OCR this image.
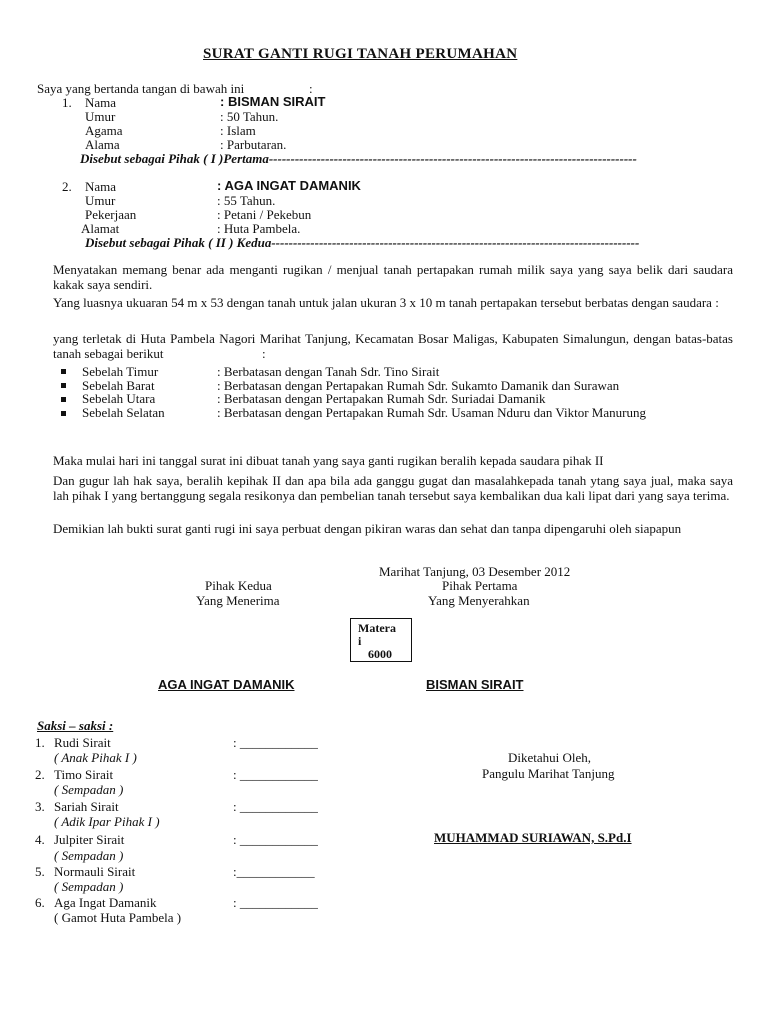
SURAT GANTI RUGI TANAH PERUMAHAN
Saya yang bertanda tangan di bawah ini	:
1. Nama	: BISMAN SIRAIT
Umur	: 50 Tahun.
Agama	: Islam
Alama	: Parbutaran.
Disebut sebagai Pihak ( I )Pertama-------------------------------------------------------------------------------------
2. Nama	: AGA INGAT DAMANIK
Umur	: 55 Tahun.
Pekerjaan	: Petani / Pekebun
Alamat	: Huta Pambela.
Disebut sebagai Pihak ( II ) Kedua-------------------------------------------------------------------------------------
Menyatakan memang benar ada menganti rugikan / menjual tanah pertapakan rumah milik saya yang saya belik dari saudara kakak saya sendiri.
Yang luasnya ukuaran 54 m x 53 dengan tanah untuk jalan ukuran 3 x 10 m tanah pertapakan tersebut berbatas dengan saudara :
yang terletak di Huta Pambela Nagori Marihat Tanjung, Kecamatan Bosar Maligas, Kabupaten Simalungun, dengan batas-batas tanah sebagai berikut	:
Sebelah Timur	: Berbatasan dengan Tanah Sdr. Tino Sirait
Sebelah Barat	: Berbatasan dengan Pertapakan Rumah Sdr. Sukamto Damanik dan Surawan
Sebelah Utara	: Berbatasan dengan Pertapakan Rumah Sdr. Suriadai Damanik
Sebelah Selatan	: Berbatasan dengan Pertapakan Rumah Sdr. Usaman Nduru dan Viktor Manurung
Maka mulai hari ini tanggal surat ini dibuat tanah yang saya ganti rugikan beralih kepada saudara pihak II
Dan gugur lah hak saya, beralih kepihak II dan apa bila ada ganggu gugat dan masalahkepada tanah ytang saya jual, maka saya lah pihak I yang bertanggung segala resikonya dan pembelian tanah tersebut saya kembalikan dua kali lipat dari yang saya terima.
Demikian lah bukti surat ganti rugi ini saya perbuat dengan pikiran waras dan sehat dan tanpa dipengaruhi oleh siapapun
Marihat Tanjung, 03 Desember 2012
Pihak Kedua
Yang Menerima
Pihak Pertama
Yang Menyerahkan
Matera
i
6000
AGA INGAT DAMANIK	BISMAN SIRAIT
Saksi – saksi :
1. Rudi Sirait	: ____________
( Anak Pihak I )
2. Timo Sirait	: ____________
( Sempadan )
3. Sariah Sirait	: ____________
( Adik Ipar Pihak I )
4. Julpiter Sirait	: ____________
( Sempadan )
5. Normauli Sirait	:____________
( Sempadan )
6. Aga Ingat Damanik	: ____________
( Gamot Huta Pambela )
Diketahui Oleh,
Pangulu Marihat Tanjung
MUHAMMAD SURIAWAN, S.Pd.I
